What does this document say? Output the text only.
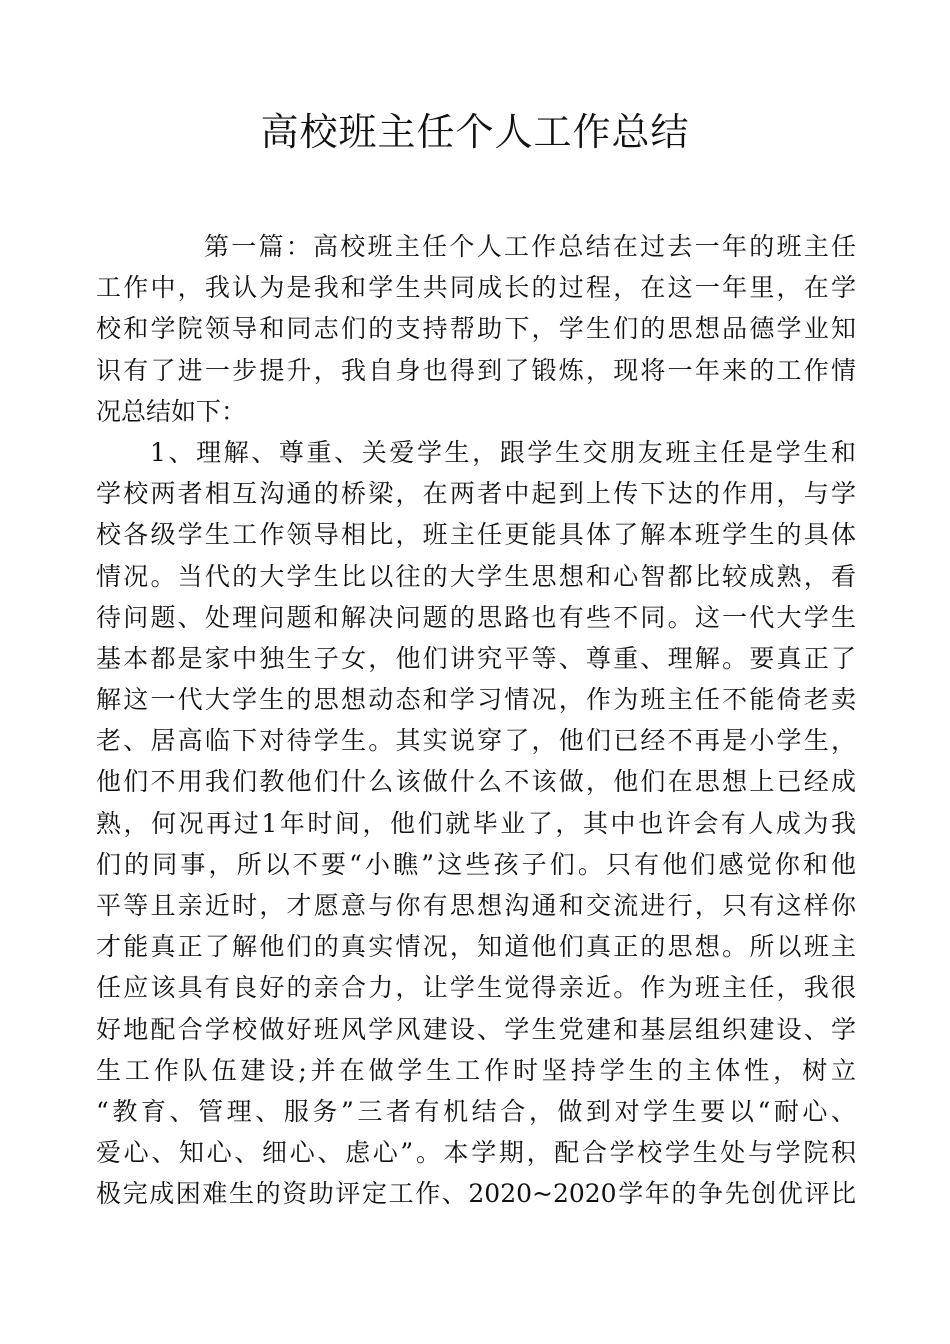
高校班主任个人工作总结
第一篇：高校班主任个人工作总结在过去一年的班主任
工作中，我认为是我和学生共同成长的过程，在这一年里，在学
校和学院领导和同志们的支持帮助下，学生们的思想品德学业知
识有了进一步提升，我自身也得到了锻炼，现将一年来的工作情
况总结如下：
1、理解、尊重、关爱学生，跟学生交朋友班主任是学生和
学校两者相互沟通的桥梁，在两者中起到上传下达的作用，与学
校各级学生工作领导相比，班主任更能具体了解本班学生的具体
情况。当代的大学生比以往的大学生思想和心智都比较成熟，看
待问题、处理问题和解决问题的思路也有些不同。这一代大学生
基本都是家中独生子女，他们讲究平等、尊重、理解。要真正了
解这一代大学生的思想动态和学习情况，作为班主任不能倚老卖
老、居高临下对待学生。其实说穿了，他们已经不再是小学生，
他们不用我们教他们什么该做什么不该做，他们在思想上已经成
熟，何况再过1年时间，他们就毕业了，其中也许会有人成为我
们的同事，所以不要“小瞧”这些孩子们。只有他们感觉你和他
平等且亲近时，才愿意与你有思想沟通和交流进行，只有这样你
才能真正了解他们的真实情况，知道他们真正的思想。所以班主
任应该具有良好的亲合力，让学生觉得亲近。作为班主任，我很
好地配合学校做好班风学风建设、学生党建和基层组织建设、学
生工作队伍建设;并在做学生工作时坚持学生的主体性，树立
“教育、管理、服务”三者有机结合，做到对学生要以“耐心、
爱心、知心、细心、虑心”。本学期，配合学校学生处与学院积
极完成困难生的资助评定工作、2020~2020学年的争先创优评比
